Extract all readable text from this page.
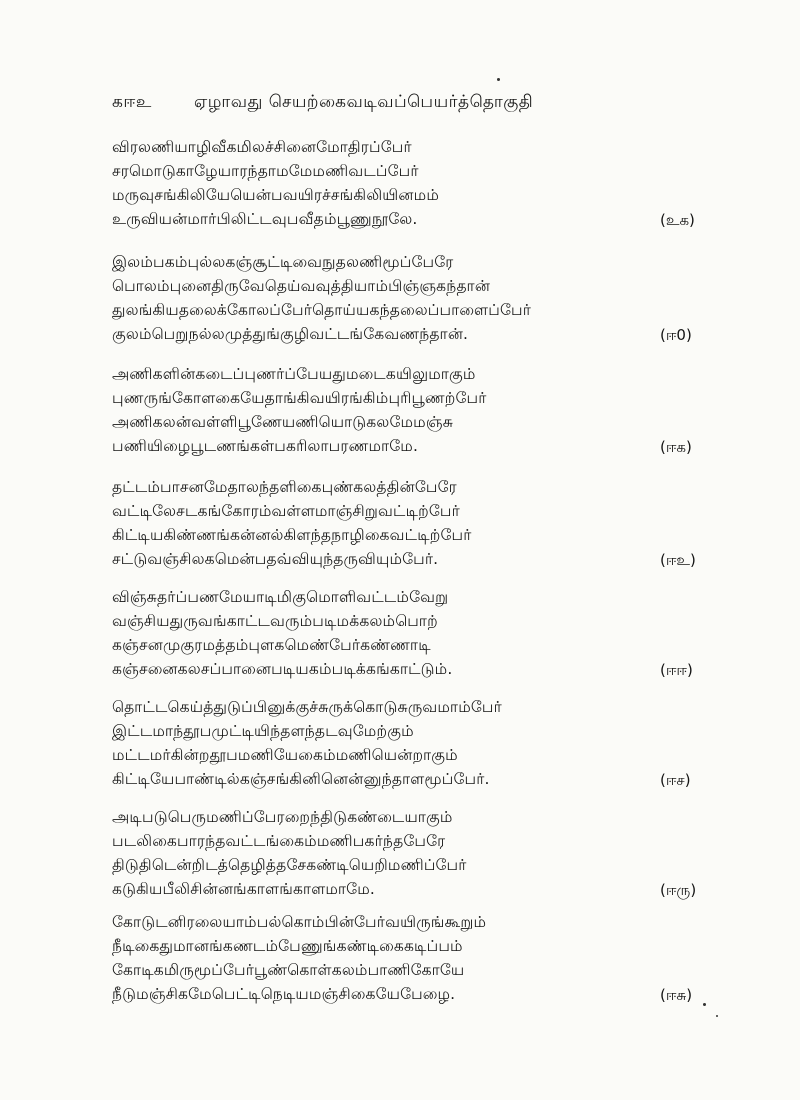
கஈஉ ஏழாவது செயற்கைவடிவப்பெயர்த்தொகுதி
விரலணியாழிவீகமிலச்சினைமோதிரப்பேர்
சரமொடுகாழேயாரந்தாமமேமணிவடப்பேர்
மருவுசங்கிலியேயென்பவயிரச்சங்கிலியினமம்
உருவியன்மார்பிலிட்டவுபவீதம்பூணுநூலே.	(உக)
இலம்பகம்புல்லகஞ்சூட்டிவைநுதலணிமூப்பேரே
பொலம்புனைதிருவேதெய்வவுத்தியாம்பிஞ்ஞகந்தான்
துலங்கியதலைக்கோலப்பேர்தொய்யகந்தலைப்பாளைப்பேர்
குலம்பெறுநல்லமுத்துங்குழிவட்டங்கேவணந்தான்.	(ஈ0)
அணிகளின்கடைப்புணர்ப்பேயதுமடைகயிலுமாகும்
புணருங்கோளகையேதாங்கிவயிரங்கிம்புரிபூணற்பேர்
அணிகலன்வள்ளிபூணேயணியொடுகலமேமஞ்சு
பணியிழைபூடணங்கள்பகரிலாபரணமாமே.	(ஈக)
தட்டம்பாசனமேதாலந்தளிகைபுண்கலத்தின்பேரே
வட்டிலேசடகங்கோரம்வள்ளமாஞ்சிறுவட்டிற்பேர்
கிட்டியகிண்ணங்கன்னல்கிளந்தநாழிகைவட்டிற்பேர்
சட்டுவஞ்சிலகமென்பதவ்வியுந்தருவியும்பேர்.	(ஈஉ)
விஞ்சுதர்ப்பணமேயாடிமிகுமொளிவட்டம்வேறு
வஞ்சியதுருவங்காட்டவரும்படிமக்கலம்பொற்
கஞ்சனமுகுரமத்தம்புளகமெண்பேர்கண்ணாடி
கஞ்சனைகலசப்பானைபடியகம்படிக்கங்காட்டும்.	(ஈஈ)
தொட்டகெய்த்துடுப்பினுக்குச்சுருக்கொடுசுருவமாம்பேர்
இட்டமாந்தூபமுட்டியிந்தளந்தடவுமேற்கும்
மட்டமர்கின்றதூபமணியேகைம்மணியென்றாகும்
கிட்டியேபாண்டில்கஞ்சங்கினினென்னுந்தாளமூப்பேர்.	(ஈச)
அடிபடுபெருமணிப்பேரறைந்திடுகண்டையாகும்
படலிகைபாரந்தவட்டங்கைம்மணிபகர்ந்தபேரே
திடுதிடென்றிடத்தெழித்தசேகண்டியெறிமணிப்பேர்
கடுகியபீலிசின்னங்காளங்காளமாமே.	(ஈரு)
கோடுடனிரலையாம்பல்கொம்பின்பேர்வயிருங்கூறும்
நீடிகைதுமானங்கணடம்பேணுங்கண்டிகைகடிப்பம்
கோடிகமிருமூப்பேர்பூண்கொள்கலம்பாணிகோயே
நீடுமஞ்சிகமேபெட்டிநெடியமஞ்சிகையேபேழை.	(ஈசு)
